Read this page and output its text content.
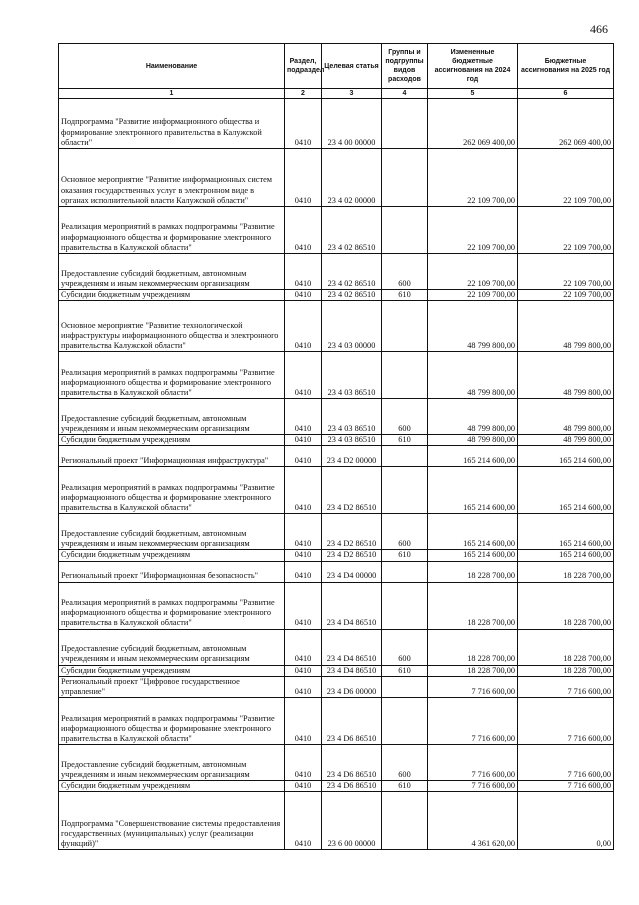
466
Наименование	Раздел, подраздел	Целевая статья	Группы и подгруппы видов расходов	Измененные бюджетные ассигнования на 2024 год	Бюджетные ассигнования на 2025 год
1	2	3	4	5	6
Подпрограмма "Развитие информационного общества и формирование электронного правительства в Калужской области"	0410	23 4 00 00000		262 069 400,00	262 069 400,00
Основное мероприятие "Развитие информационных систем оказания государственных услуг в электронном виде в органах исполнительной власти Калужской области"	0410	23 4 02 00000		22 109 700,00	22 109 700,00
Реализация мероприятий в рамках подпрограммы "Развитие информационного общества и формирование электронного правительства в Калужской области"	0410	23 4 02 86510		22 109 700,00	22 109 700,00
Предоставление субсидий бюджетным, автономным учреждениям и иным некоммерческим организациям	0410	23 4 02 86510	600	22 109 700,00	22 109 700,00
Субсидии бюджетным учреждениям	0410	23 4 02 86510	610	22 109 700,00	22 109 700,00
Основное мероприятие "Развитие технологической инфраструктуры информационного общества и электронного правительства Калужской области"	0410	23 4 03 00000		48 799 800,00	48 799 800,00
Реализация мероприятий в рамках подпрограммы "Развитие информационного общества и формирование электронного правительства в Калужской области"	0410	23 4 03 86510		48 799 800,00	48 799 800,00
Предоставление субсидий бюджетным, автономным учреждениям и иным некоммерческим организациям	0410	23 4 03 86510	600	48 799 800,00	48 799 800,00
Субсидии бюджетным учреждениям	0410	23 4 03 86510	610	48 799 800,00	48 799 800,00
Региональный проект "Информационная инфраструктура"	0410	23 4 D2 00000		165 214 600,00	165 214 600,00
Реализация мероприятий в рамках подпрограммы "Развитие информационного общества и формирование электронного правительства в Калужской области"	0410	23 4 D2 86510		165 214 600,00	165 214 600,00
Предоставление субсидий бюджетным, автономным учреждениям и иным некоммерческим организациям	0410	23 4 D2 86510	600	165 214 600,00	165 214 600,00
Субсидии бюджетным учреждениям	0410	23 4 D2 86510	610	165 214 600,00	165 214 600,00
Региональный проект "Информационная безопасность"	0410	23 4 D4 00000		18 228 700,00	18 228 700,00
Реализация мероприятий в рамках подпрограммы "Развитие информационного общества и формирование электронного правительства в Калужской области"	0410	23 4 D4 86510		18 228 700,00	18 228 700,00
Предоставление субсидий бюджетным, автономным учреждениям и иным некоммерческим организациям	0410	23 4 D4 86510	600	18 228 700,00	18 228 700,00
Субсидии бюджетным учреждениям	0410	23 4 D4 86510	610	18 228 700,00	18 228 700,00
Региональный проект "Цифровое государственное управление"	0410	23 4 D6 00000		7 716 600,00	7 716 600,00
Реализация мероприятий в рамках подпрограммы "Развитие информационного общества и формирование электронного правительства в Калужской области"	0410	23 4 D6 86510		7 716 600,00	7 716 600,00
Предоставление субсидий бюджетным, автономным учреждениям и иным некоммерческим организациям	0410	23 4 D6 86510	600	7 716 600,00	7 716 600,00
Субсидии бюджетным учреждениям	0410	23 4 D6 86510	610	7 716 600,00	7 716 600,00
Подпрограмма "Совершенствование системы предоставления государственных (муниципальных) услуг (реализации функций)"	0410	23 6 00 00000		4 361 620,00	0,00
